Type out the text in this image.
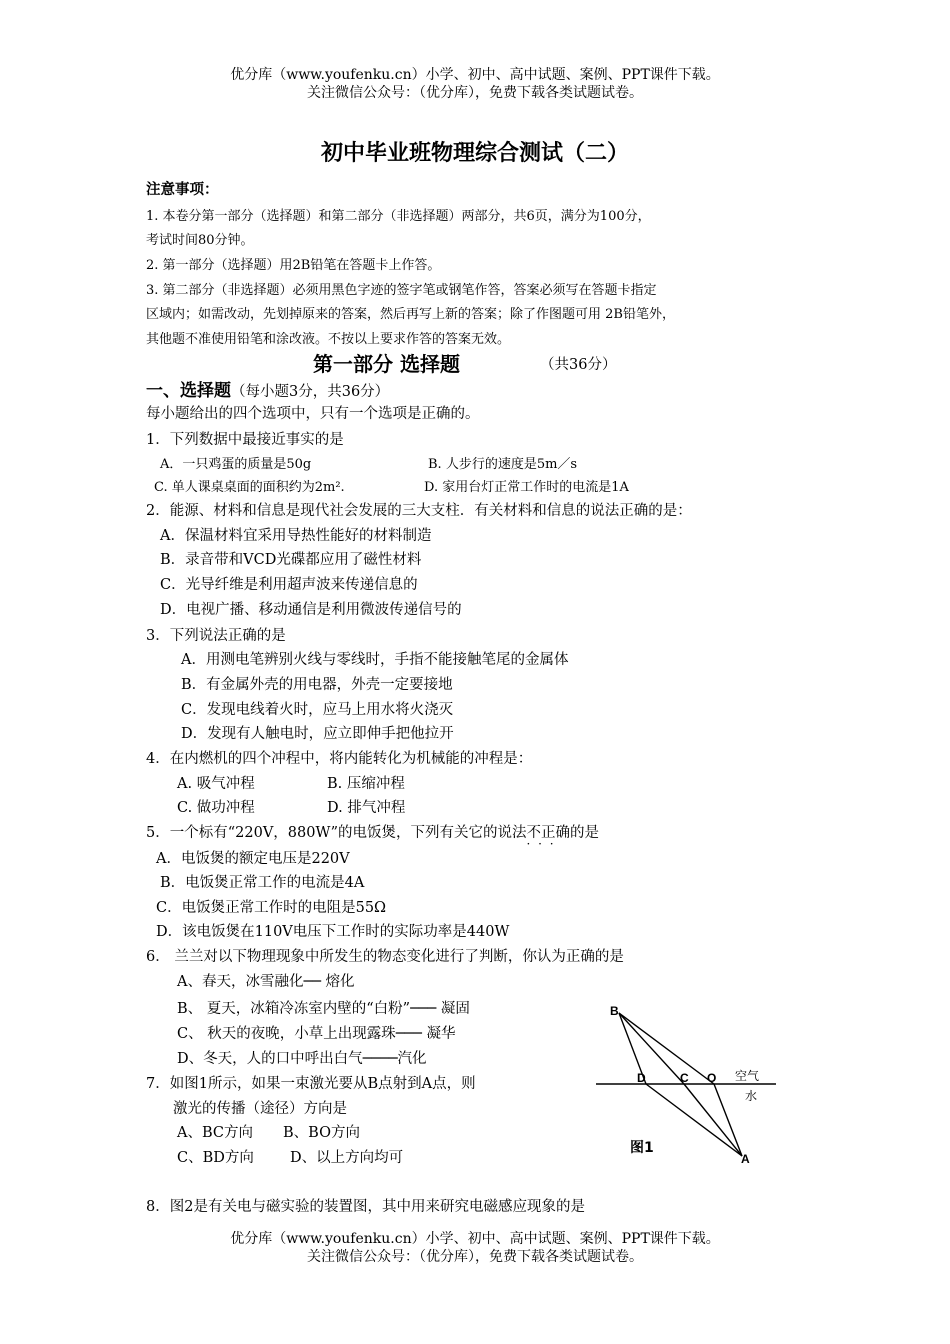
优分库（www.youfenku.cn）小学、初中、高中试题、案例、PPT课件下载。
关注微信公众号：（优分库），免费下载各类试题试卷。
初中毕业班物理综合测试（二）
注意事项：
1. 本卷分第一部分（选择题）和第二部分（非选择题）两部分，共6页，满分为100分，
考试时间80分钟。
2. 第一部分（选择题）用2B铅笔在答题卡上作答。
3. 第二部分（非选择题）必须用黑色字迹的签字笔或钢笔作答，答案必须写在答题卡指定
区域内；如需改动，先划掉原来的答案，然后再写上新的答案；除了作图题可用 2B铅笔外，
其他题不准使用铅笔和涂改液。不按以上要求作答的答案无效。
第一部分 选择题	（共36分）
一、选择题（每小题3分，共36分）
每小题给出的四个选项中，只有一个选项是正确的。
1．下列数据中最接近事实的是
A．一只鸡蛋的质量是50g	B. 人步行的速度是5m／s
C. 单人课桌桌面的面积约为2m².	D. 家用台灯正常工作时的电流是1A
2．能源、材料和信息是现代社会发展的三大支柱．有关材料和信息的说法正确的是：
A．保温材料宜采用导热性能好的材料制造
B．录音带和VCD光碟都应用了磁性材料
C．光导纤维是利用超声波来传递信息的
D．电视广播、移动通信是利用微波传递信号的
3．下列说法正确的是
A．用测电笔辨别火线与零线时，手指不能接触笔尾的金属体
B．有金属外壳的用电器，外壳一定要接地
C．发现电线着火时，应马上用水将火浇灭
D．发现有人触电时，应立即伸手把他拉开
4．在内燃机的四个冲程中，将内能转化为机械能的冲程是：
A. 吸气冲程	B. 压缩冲程
C. 做功冲程	D. 排气冲程
5．一个标有“220V，880W”的电饭煲，下列有关它的说法不正确 · · ·的是
A．电饭煲的额定电压是220V
B．电饭煲正常工作的电流是4A
C．电饭煲正常工作时的电阻是55Ω
D．该电饭煲在110V电压下工作时的实际功率是440W
6． 兰兰对以下物理现象中所发生的物态变化进行了判断，你认为正确的是
A、春天，冰雪融化── 熔化
B、 夏天，冰箱冷冻室内壁的“白粉”─── 凝固
C、 秋天的夜晚，小草上出现露珠─── 凝华
D、冬天，人的口中呼出白气────汽化
7．如图1所示，如果一束激光要从B点射到A点，则
激光的传播（途径）方向是
A、BC方向 B、BO方向
C、BD方向 D、以上方向均可
B
A
D	C O 空气
水
图1
8．图2是有关电与磁实验的装置图，其中用来研究电磁感应现象的是
优分库（www.youfenku.cn）小学、初中、高中试题、案例、PPT课件下载。
关注微信公众号：（优分库），免费下载各类试题试卷。
